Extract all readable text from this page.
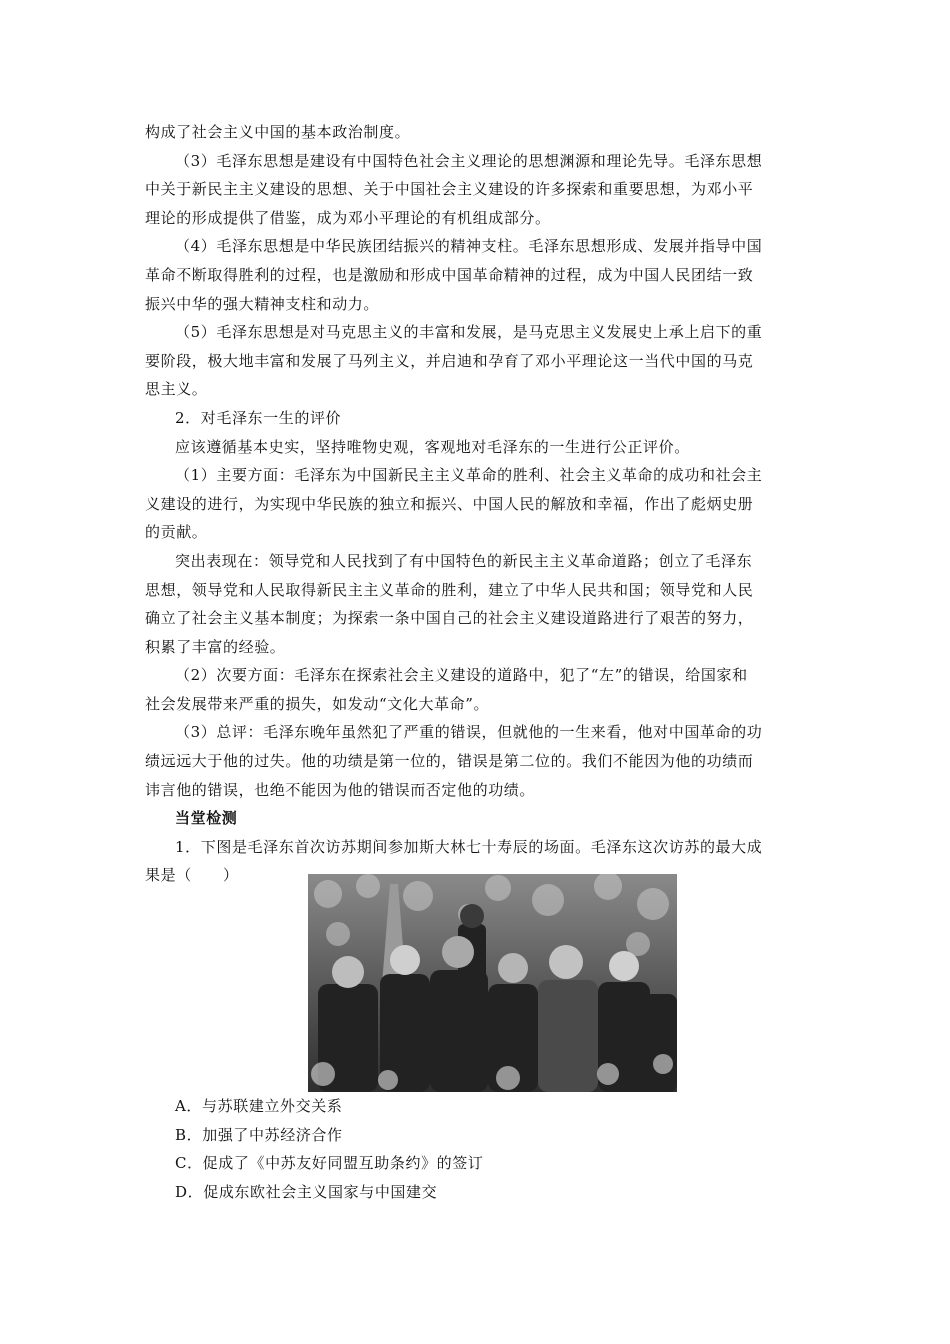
构成了社会主义中国的基本政治制度。

（3）毛泽东思想是建设有中国特色社会主义理论的思想渊源和理论先导。毛泽东思想

中关于新民主主义建设的思想、关于中国社会主义建设的许多探索和重要思想，为邓小平

理论的形成提供了借鉴，成为邓小平理论的有机组成部分。

（4）毛泽东思想是中华民族团结振兴的精神支柱。毛泽东思想形成、发展并指导中国

革命不断取得胜利的过程，也是激励和形成中国革命精神的过程，成为中国人民团结一致

振兴中华的强大精神支柱和动力。

（5）毛泽东思想是对马克思主义的丰富和发展，是马克思主义发展史上承上启下的重

要阶段，极大地丰富和发展了马列主义，并启迪和孕育了邓小平理论这一当代中国的马克

思主义。

2．对毛泽东一生的评价

应该遵循基本史实，坚持唯物史观，客观地对毛泽东的一生进行公正评价。

（1）主要方面：毛泽东为中国新民主主义革命的胜利、社会主义革命的成功和社会主

义建设的进行，为实现中华民族的独立和振兴、中国人民的解放和幸福，作出了彪炳史册

的贡献。

突出表现在：领导党和人民找到了有中国特色的新民主主义革命道路；创立了毛泽东

思想，领导党和人民取得新民主主义革命的胜利，建立了中华人民共和国；领导党和人民

确立了社会主义基本制度；为探索一条中国自己的社会主义建设道路进行了艰苦的努力，

积累了丰富的经验。

（2）次要方面：毛泽东在探索社会主义建设的道路中，犯了“左”的错误，给国家和

社会发展带来严重的损失，如发动“文化大革命”。

（3）总评：毛泽东晚年虽然犯了严重的错误，但就他的一生来看，他对中国革命的功

绩远远大于他的过失。他的功绩是第一位的，错误是第二位的。我们不能因为他的功绩而

讳言他的错误，也绝不能因为他的错误而否定他的功绩。

当堂检测

1．下图是毛泽东首次访苏期间参加斯大林七十寿辰的场面。毛泽东这次访苏的最大成

果是（　　）

A．与苏联建立外交关系

B．加强了中苏经济合作

C．促成了《中苏友好同盟互助条约》的签订

D．促成东欧社会主义国家与中国建交
